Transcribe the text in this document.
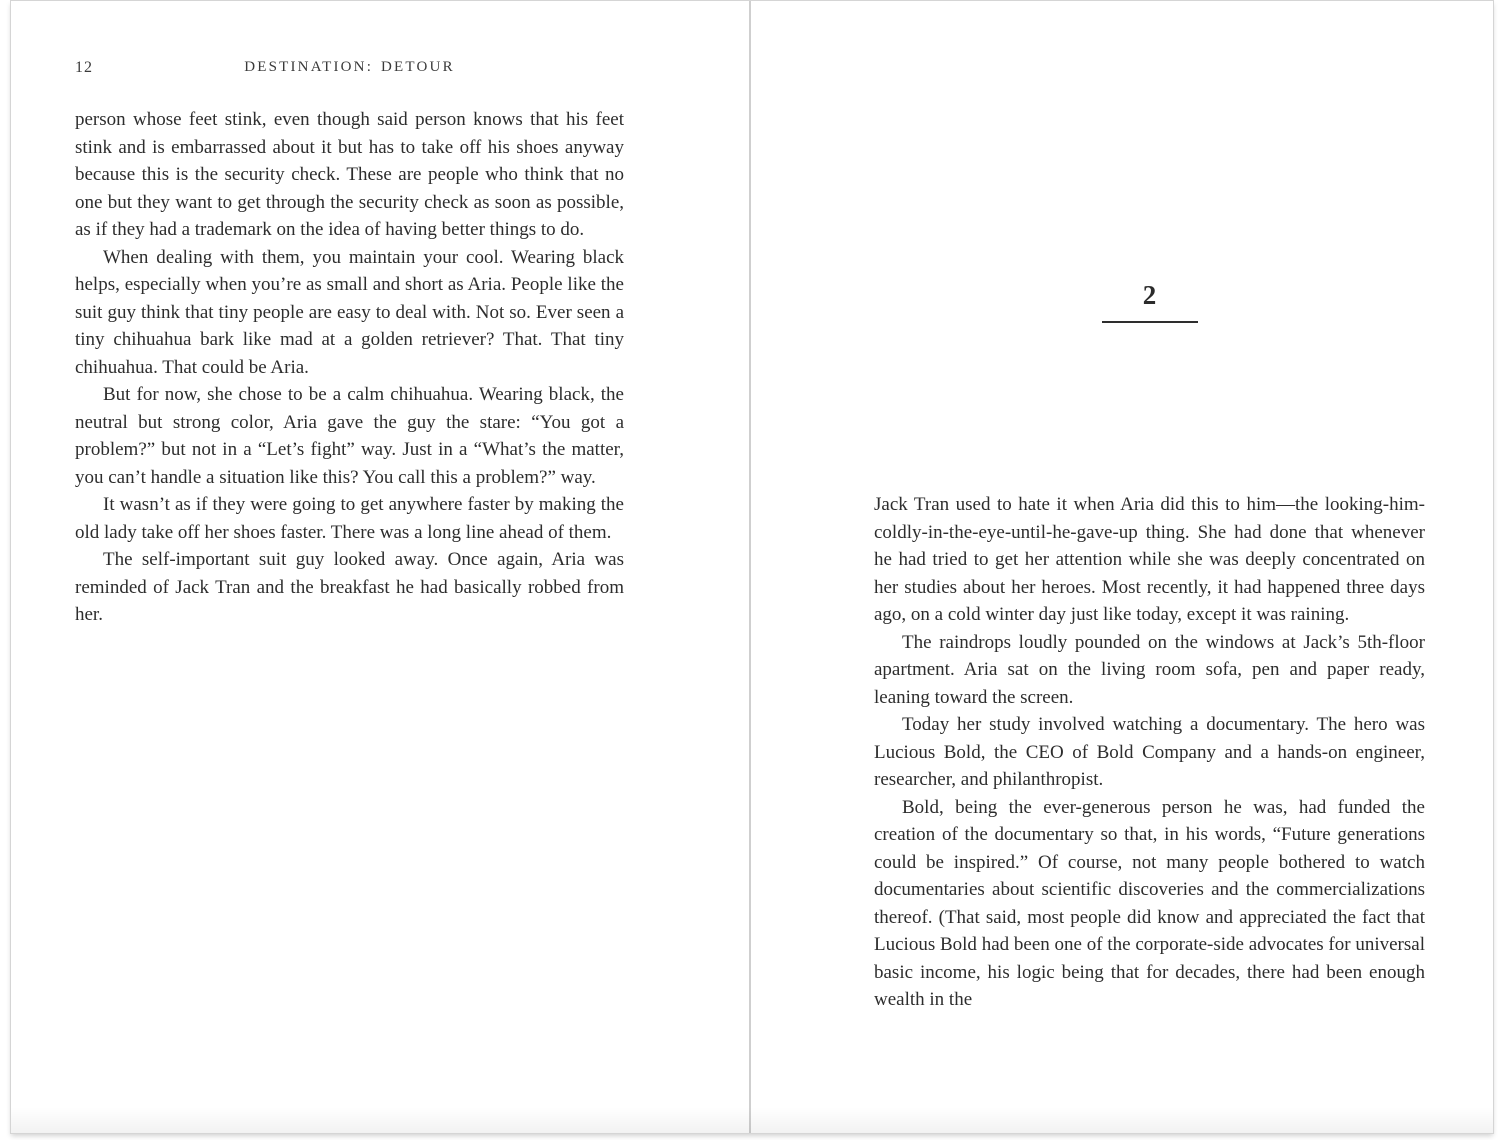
12	DESTINATION: DETOUR

person whose feet stink, even though said person knows that his feet stink and is embarrassed about it but has to take off his shoes anyway because this is the security check. These are people who think that no one but they want to get through the security check as soon as possible, as if they had a trademark on the idea of having better things to do.

When dealing with them, you maintain your cool. Wearing black helps, especially when you’re as small and short as Aria. People like the suit guy think that tiny people are easy to deal with. Not so. Ever seen a tiny chihuahua bark like mad at a golden retriever? That. That tiny chihuahua. That could be Aria.

But for now, she chose to be a calm chihuahua. Wearing black, the neutral but strong color, Aria gave the guy the stare: “You got a problem?” but not in a “Let’s fight” way. Just in a “What’s the matter, you can’t handle a situation like this? You call this a problem?” way.

It wasn’t as if they were going to get anywhere faster by making the old lady take off her shoes faster. There was a long line ahead of them.

The self-important suit guy looked away. Once again, Aria was reminded of Jack Tran and the breakfast he had basically robbed from her.

2

Jack Tran used to hate it when Aria did this to him—the looking-him-coldly-in-the-eye-until-he-gave-up thing. She had done that whenever he had tried to get her attention while she was deeply concentrated on her studies about her heroes. Most recently, it had happened three days ago, on a cold winter day just like today, except it was raining.

The raindrops loudly pounded on the windows at Jack’s 5th-floor apartment. Aria sat on the living room sofa, pen and paper ready, leaning toward the screen.

Today her study involved watching a documentary. The hero was Lucious Bold, the CEO of Bold Company and a hands-on engineer, researcher, and philanthropist.

Bold, being the ever-generous person he was, had funded the creation of the documentary so that, in his words, “Future generations could be inspired.” Of course, not many people bothered to watch documentaries about scientific discoveries and the commercializations thereof. (That said, most people did know and appreciated the fact that Lucious Bold had been one of the corporate-side advocates for universal basic income, his logic being that for decades, there had been enough wealth in the
